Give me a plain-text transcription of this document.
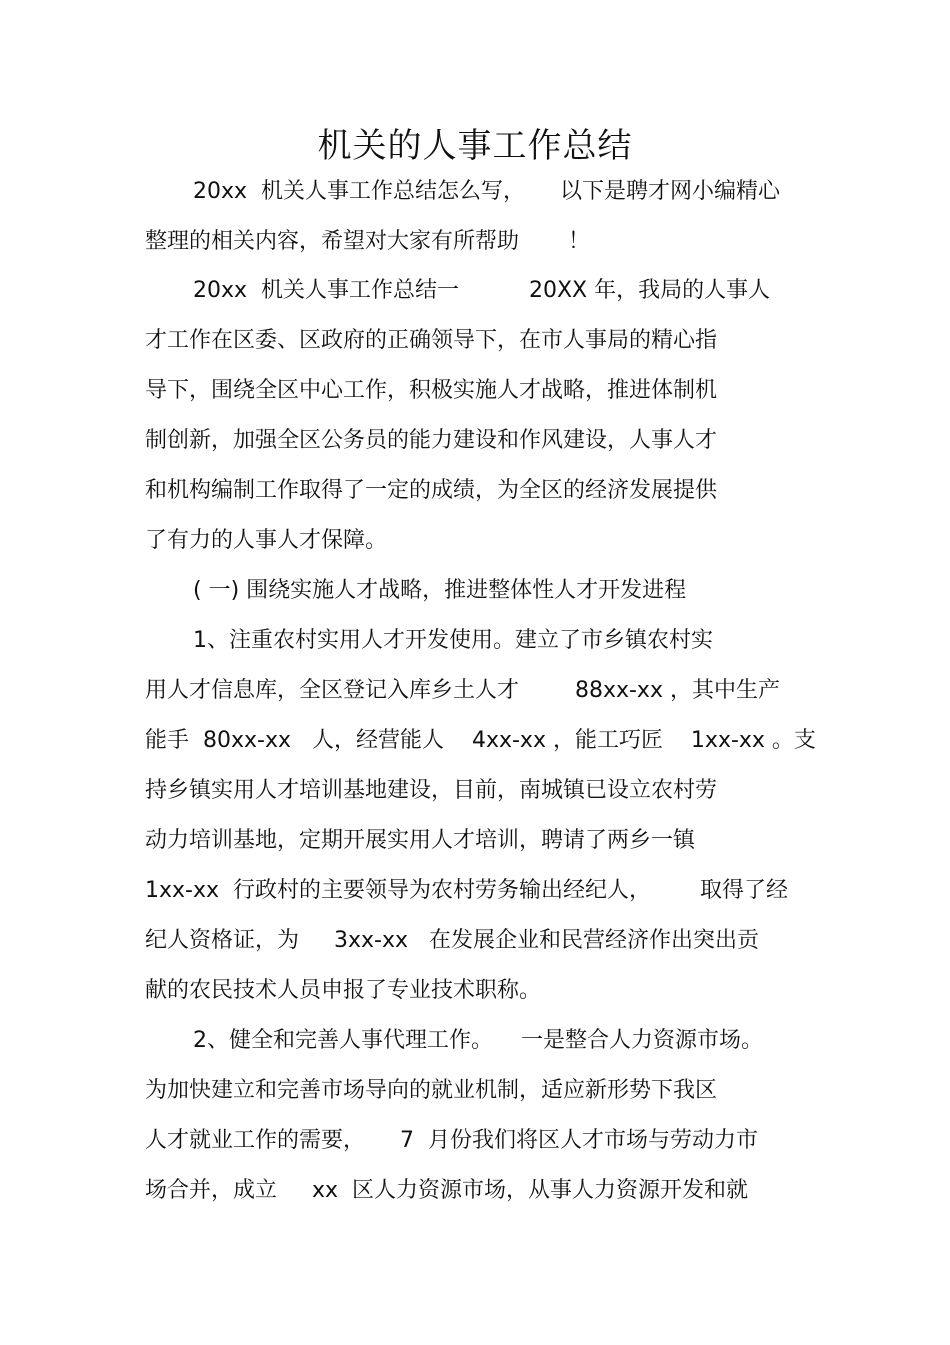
机关的人事工作总结
20xx  机关人事工作总结怎么写，     以下是聘才网小编精心
整理的相关内容，希望对大家有所帮助       ！
20xx  机关人事工作总结一          20XX 年，我局的人事人
才工作在区委、区政府的正确领导下，在市人事局的精心指
导下，围绕全区中心工作，积极实施人才战略，推进体制机
制创新，加强全区公务员的能力建设和作风建设，人事人才
和机构编制工作取得了一定的成绩，为全区的经济发展提供
了有力的人事人才保障。
( 一) 围绕实施人才战略，推进整体性人才开发进程
1、注重农村实用人才开发使用。建立了市乡镇农村实
用人才信息库，全区登记入库乡土人才        88xx-xx ，其中生产
能手  80xx-xx   人，经营能人    4xx-xx ，能工巧匠    1xx-xx 。支
持乡镇实用人才培训基地建设，目前，南城镇已设立农村劳
动力培训基地，定期开展实用人才培训，聘请了两乡一镇
1xx-xx  行政村的主要领导为农村劳务输出经纪人，       取得了经
纪人资格证，为     3xx-xx   在发展企业和民营经济作出突出贡
献的农民技术人员申报了专业技术职称。
2、健全和完善人事代理工作。    一是整合人力资源市场。
为加快建立和完善市场导向的就业机制，适应新形势下我区
人才就业工作的需要，     7  月份我们将区人才市场与劳动力市
场合并，成立     xx  区人力资源市场，从事人力资源开发和就
